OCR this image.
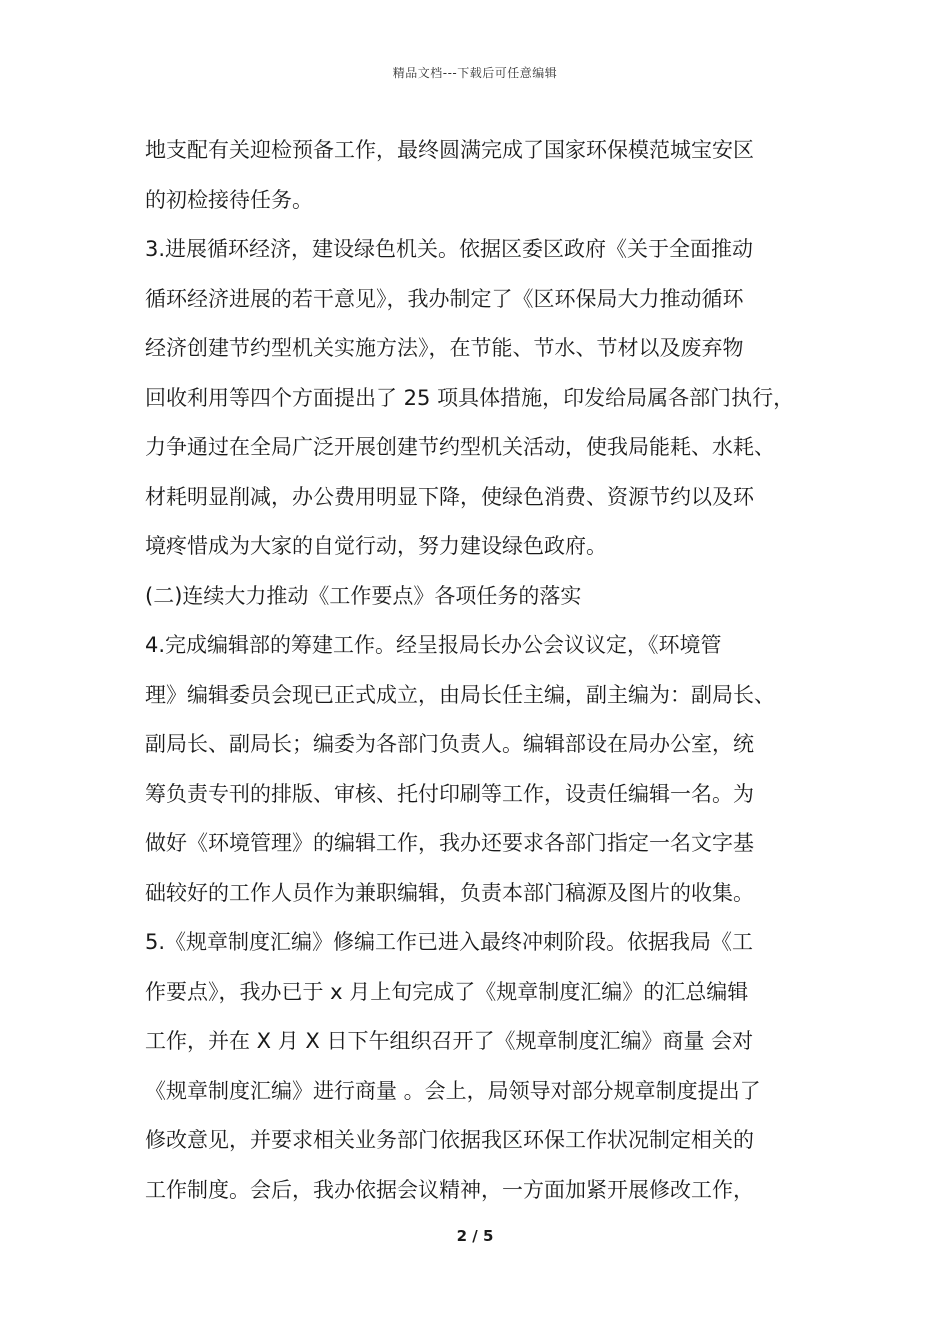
精品文档---下载后可任意编辑
地支配有关迎检预备工作，最终圆满完成了国家环保模范城宝安区
的初检接待任务。
3.进展循环经济，建设绿色机关。依据区委区政府《关于全面推动
循环经济进展的若干意见》，我办制定了《区环保局大力推动循环
经济创建节约型机关实施方法》，在节能、节水、节材以及废弃物
回收利用等四个方面提出了 25 项具体措施，印发给局属各部门执行，
力争通过在全局广泛开展创建节约型机关活动，使我局能耗、水耗、
材耗明显削减，办公费用明显下降，使绿色消费、资源节约以及环
境疼惜成为大家的自觉行动，努力建设绿色政府。
(二)连续大力推动《工作要点》各项任务的落实
4.完成编辑部的筹建工作。经呈报局长办公会议议定，《环境管
理》编辑委员会现已正式成立，由局长任主编，副主编为：副局长、
副局长、副局长；编委为各部门负责人。编辑部设在局办公室，统
筹负责专刊的排版、审核、托付印刷等工作，设责任编辑一名。为
做好《环境管理》的编辑工作，我办还要求各部门指定一名文字基
础较好的工作人员作为兼职编辑，负责本部门稿源及图片的收集。
5.《规章制度汇编》修编工作已进入最终冲刺阶段。依据我局《工
作要点》，我办已于 x 月上旬完成了《规章制度汇编》的汇总编辑
工作，并在 X 月 X 日下午组织召开了《规章制度汇编》商量 会对
《规章制度汇编》进行商量 。会上，局领导对部分规章制度提出了
修改意见，并要求相关业务部门依据我区环保工作状况制定相关的
工作制度。会后，我办依据会议精神，一方面加紧开展修改工作，
2 / 5
